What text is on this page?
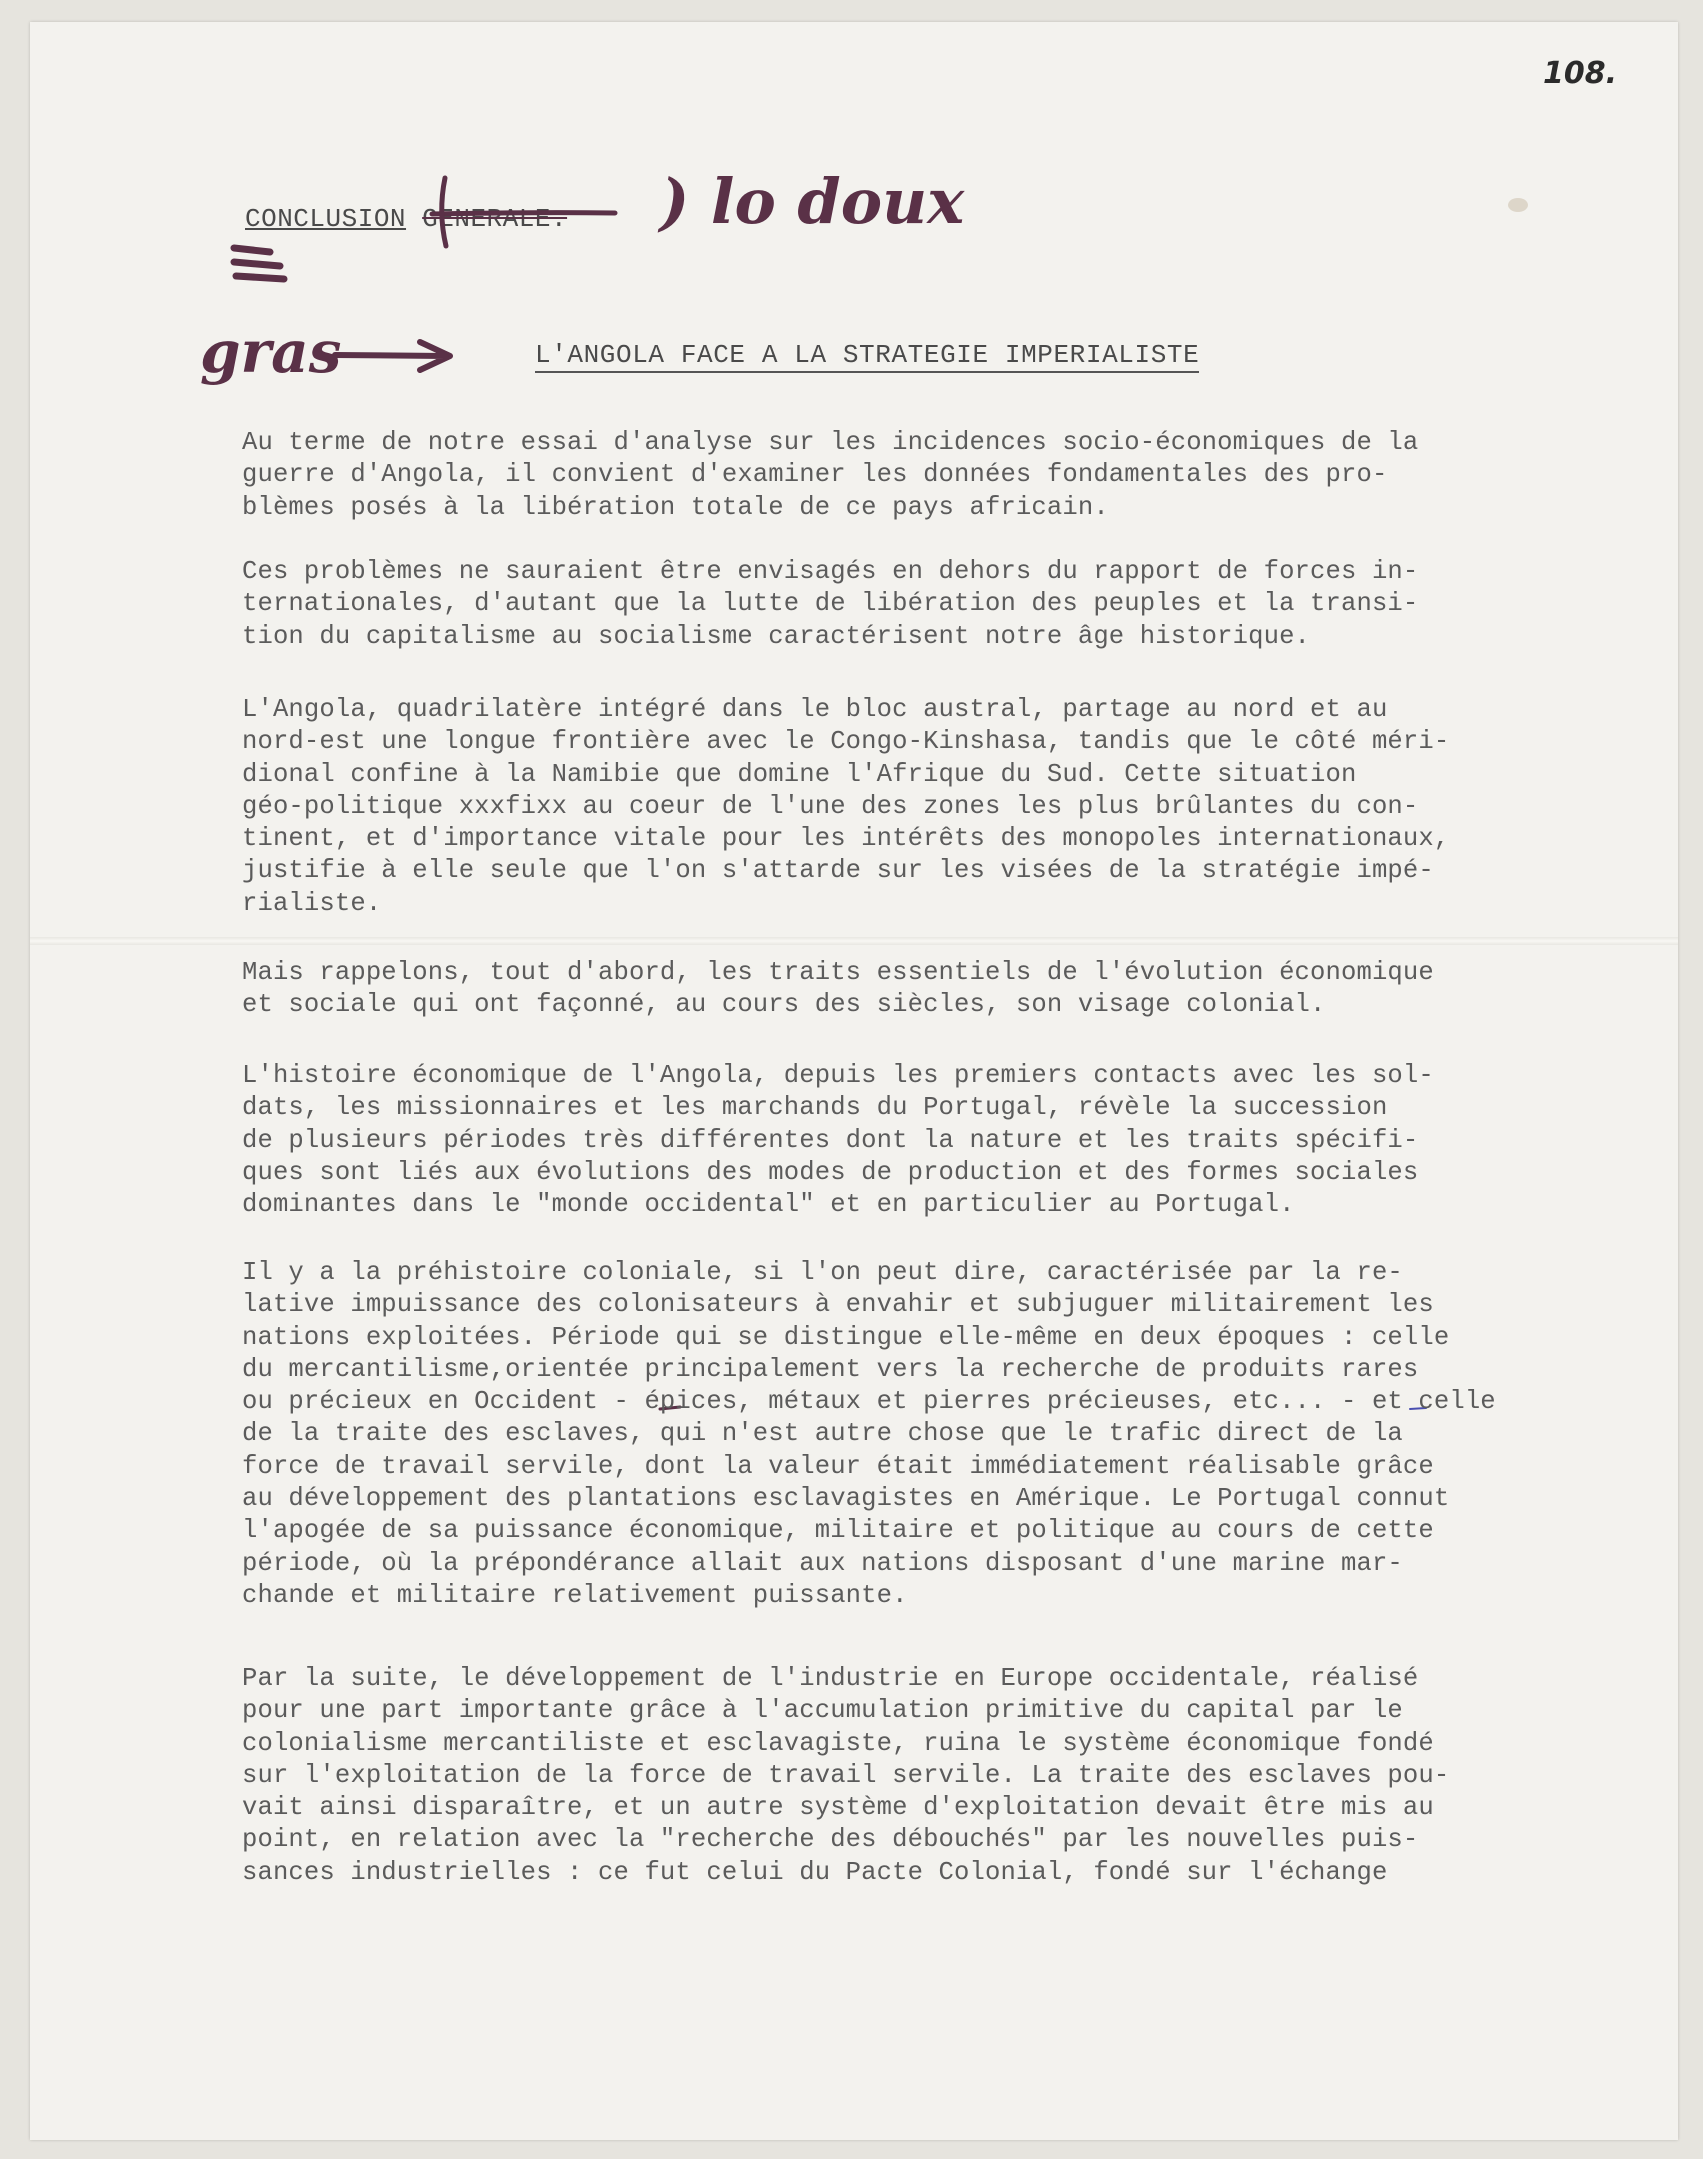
108.
CONCLUSION GENERALE. ) lo doux
gras	L'ANGOLA FACE A LA STRATEGIE IMPERIALISTE

Au terme de notre essai d'analyse sur les incidences socio-économiques de la
guerre d'Angola, il convient d'examiner les données fondamentales des pro-
blèmes posés à la libération totale de ce pays africain.

Ces problèmes ne sauraient être envisagés en dehors du rapport de forces in-
ternationales, d'autant que la lutte de libération des peuples et la transi-
tion du capitalisme au socialisme caractérisent notre âge historique.

L'Angola, quadrilatère intégré dans le bloc austral, partage au nord et au
nord-est une longue frontière avec le Congo-Kinshasa, tandis que le côté méri-
dional confine à la Namibie que domine l'Afrique du Sud. Cette situation
géo-politique xxxfixx au coeur de l'une des zones les plus brûlantes du con-
tinent, et d'importance vitale pour les intérêts des monopoles internationaux,
justifie à elle seule que l'on s'attarde sur les visées de la stratégie impé-
rialiste.

Mais rappelons, tout d'abord, les traits essentiels de l'évolution économique
et sociale qui ont façonné, au cours des siècles, son visage colonial.

L'histoire économique de l'Angola, depuis les premiers contacts avec les sol-
dats, les missionnaires et les marchands du Portugal, révèle la succession
de plusieurs périodes très différentes dont la nature et les traits spécifi-
ques sont liés aux évolutions des modes de production et des formes sociales
dominantes dans le "monde occidental" et en particulier au Portugal.

Il y a la préhistoire coloniale, si l'on peut dire, caractérisée par la re-
lative impuissance des colonisateurs à envahir et subjuguer militairement les
nations exploitées. Période qui se distingue elle-même en deux époques : celle
du mercantilisme,orientée principalement vers la recherche de produits rares
ou précieux en Occident - épices, métaux et pierres précieuses, etc... - et celle
de la traite des esclaves, qui n'est autre chose que le trafic direct de la
force de travail servile, dont la valeur était immédiatement réalisable grâce
au développement des plantations esclavagistes en Amérique. Le Portugal connut
l'apogée de sa puissance économique, militaire et politique au cours de cette
période, où la prépondérance allait aux nations disposant d'une marine mar-
chande et militaire relativement puissante.

Par la suite, le développement de l'industrie en Europe occidentale, réalisé
pour une part importante grâce à l'accumulation primitive du capital par le
colonialisme mercantiliste et esclavagiste, ruina le système économique fondé
sur l'exploitation de la force de travail servile. La traite des esclaves pou-
vait ainsi disparaître, et un autre système d'exploitation devait être mis au
point, en relation avec la "recherche des débouchés" par les nouvelles puis-
sances industrielles : ce fut celui du Pacte Colonial, fondé sur l'échange
